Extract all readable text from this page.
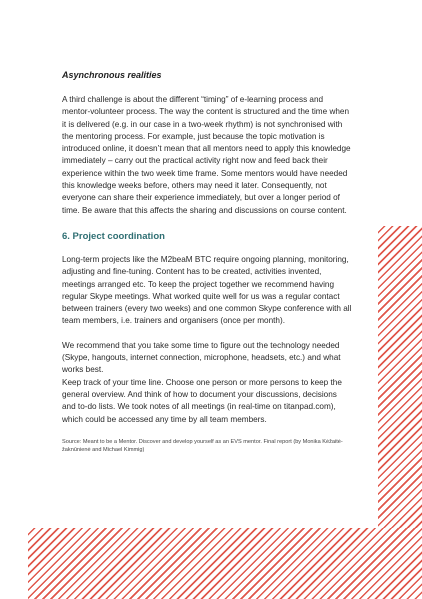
Asynchronous realities

A third challenge is about the different “timing” of e-learning process and mentor-volunteer process. The way the content is structured and the time when it is delivered (e.g. in our case in a two-week rhythm) is not synchronised with the mentoring process. For example, just because the topic motivation is introduced online, it doesn’t mean that all mentors need to apply this knowledge immediately – carry out the practical activity right now and feed back their experience within the two week time frame. Some mentors would have needed this knowledge weeks before, others may need it later. Consequently, not everyone can share their experience immediately, but over a longer period of time. Be aware that this affects the sharing and discussions on course content.

6. Project coordination

Long-term projects like the M2beaM BTC require ongoing planning, monitoring, adjusting and fine-tuning. Content has to be created, activities invented, meetings arranged etc. To keep the project together we recommend having regular Skype meetings. What worked quite well for us was a regular contact between trainers (every two weeks) and one common Skype conference with all team members, i.e. trainers and organisers (once per month).

We recommend that you take some time to figure out the technology needed (Skype, hangouts, internet connection, microphone, headsets, etc.) and what works best.

Keep track of your time line. Choose one person or more persons to keep the general overview. And think of how to document your discussions, decisions and to-do lists. We took notes of all meetings (in real-time on titanpad.com), which could be accessed any time by all team members.

Source: Meant to be a Mentor. Discover and develop yourself as an EVS mentor. Final report (by Monika Kėžaitė-žaknūnienė and Michael Kimmig)
